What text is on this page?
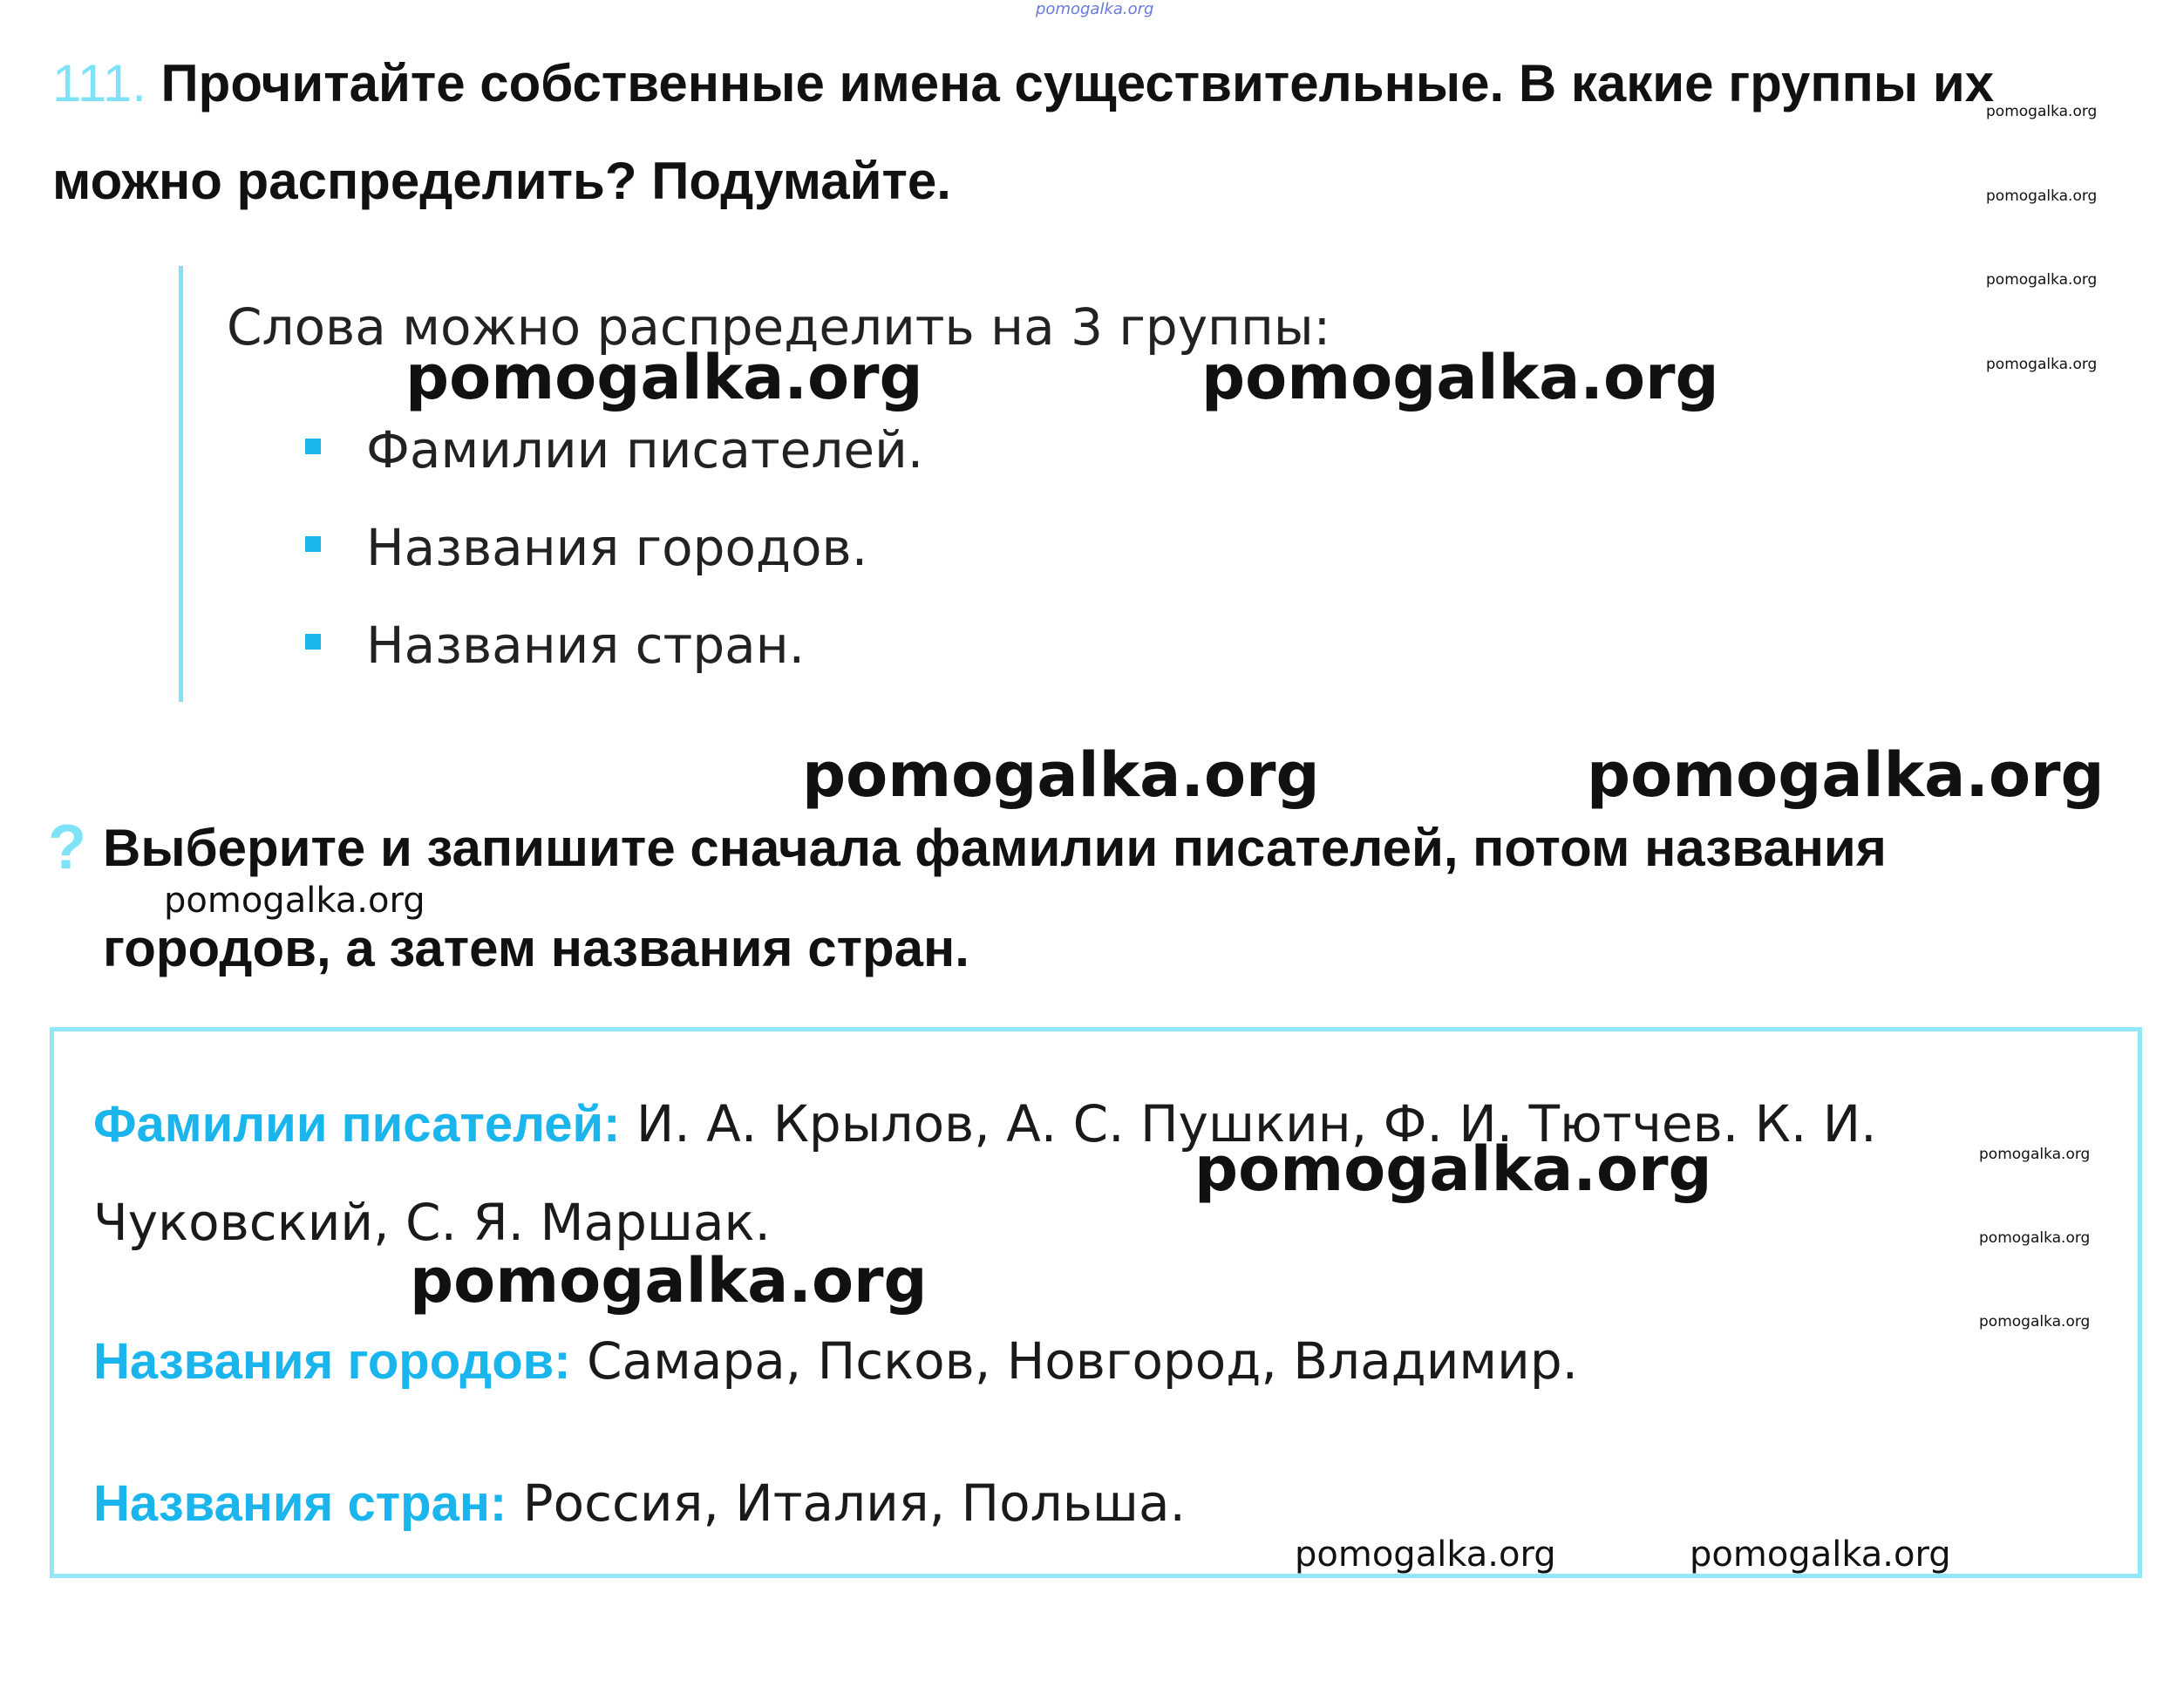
pomogalka.org
111. Прочитайте собственные имена существительные. В какие группы их можно распределить? Подумайте.
Слова можно распределить на 3 группы:
Фамилии писателей.
Названия городов.
Названия стран.
? Выберите и запишите сначала фамилии писателей, потом названия городов, а затем названия стран.
Фамилии писателей: И. А. Крылов, А. С. Пушкин, Ф. И. Тютчев. К. И. Чуковский, С. Я. Маршак.
Названия городов: Самара, Псков, Новгород, Владимир.
Названия стран: Россия, Италия, Польша.
pomogalka.org
pomogalka.org
pomogalka.org
pomogalka.org
pomogalka.org	pomogalka.org
pomogalka.org	pomogalka.org
pomogalka.org
pomogalka.org
pomogalka.org
pomogalka.org
pomogalka.org
pomogalka.org
pomogalka.org	pomogalka.org
